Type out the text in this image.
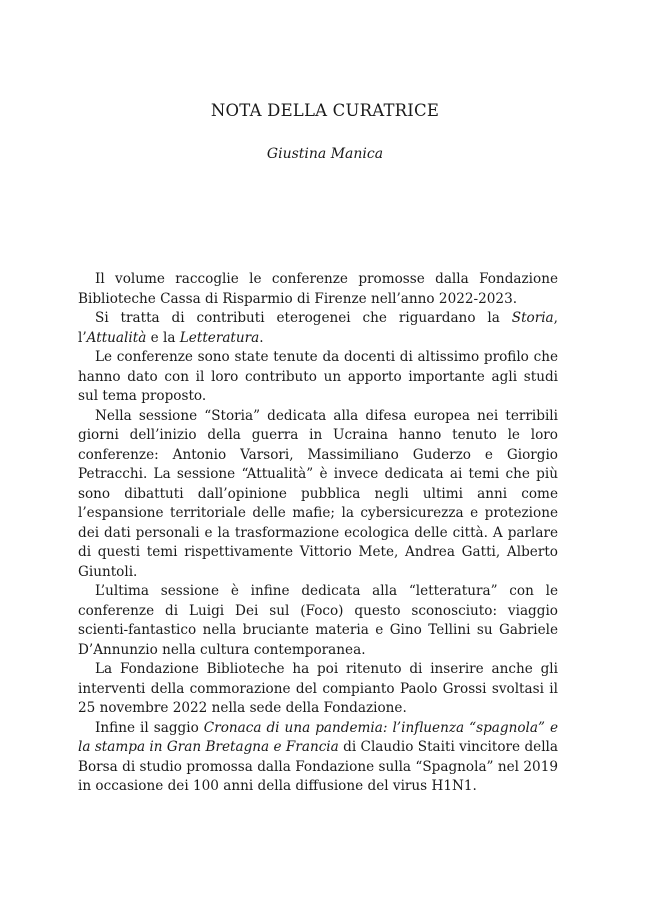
NOTA DELLA CURATRICE

Giustina Manica

Il volume raccoglie le conferenze promosse dalla Fondazione Biblioteche Cassa di Risparmio di Firenze nell’anno 2022-2023.

Si tratta di contributi eterogenei che riguardano la Storia, l’Attualità e la Letteratura.

Le conferenze sono state tenute da docenti di altissimo profilo che hanno dato con il loro contributo un apporto importante agli studi sul tema proposto.

Nella sessione “Storia” dedicata alla difesa europea nei terribili giorni dell’inizio della guerra in Ucraina hanno tenuto le loro conferenze: Antonio Varsori, Massimiliano Guderzo e Giorgio Petracchi. La sessione “Attualità” è invece dedicata ai temi che più sono dibattuti dall’opinione pubblica negli ultimi anni come l’espansione territoriale delle mafie; la cybersicurezza e protezione dei dati personali e la trasformazione ecologica delle città. A parlare di questi temi rispettivamente Vittorio Mete, Andrea Gatti, Alberto Giuntoli.

L’ultima sessione è infine dedicata alla “letteratura” con le conferenze di Luigi Dei sul (Foco) questo sconosciuto: viaggio scienti-fantastico nella bruciante materia e Gino Tellini su Gabriele D’Annunzio nella cultura contemporanea.

La Fondazione Biblioteche ha poi ritenuto di inserire anche gli interventi della commorazione del compianto Paolo Grossi svoltasi il 25 novembre 2022 nella sede della Fondazione.

Infine il saggio Cronaca di una pandemia: l’influenza “spagnola” e la stampa in Gran Bretagna e Francia di Claudio Staiti vincitore della Borsa di studio promossa dalla Fondazione sulla “Spagnola” nel 2019 in occasione dei 100 anni della diffusione del virus H1N1.
